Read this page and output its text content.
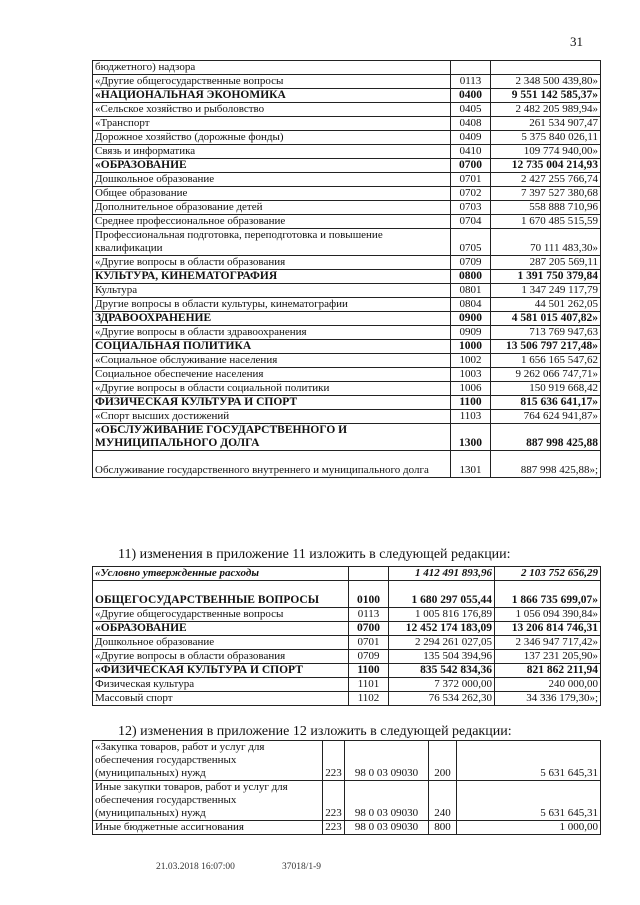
31
бюджетного) надзора		
«Другие общегосударственные вопросы	0113	2 348 500 439,80»
«НАЦИОНАЛЬНАЯ ЭКОНОМИКА	0400	9 551 142 585,37»
«Сельское хозяйство и рыболовство	0405	2 482 205 989,94»
«Транспорт	0408	261 534 907,47
Дорожное хозяйство (дорожные фонды)	0409	5 375 840 026,11
Связь и информатика	0410	109 774 940,00»
«ОБРАЗОВАНИЕ	0700	12 735 004 214,93
Дошкольное образование	0701	2 427 255 766,74
Общее образование	0702	7 397 527 380,68
Дополнительное образование детей	0703	558 888 710,96
Среднее профессиональное образование	0704	1 670 485 515,59
Профессиональная подготовка, переподготовка и повышение квалификации	0705	70 111 483,30»
«Другие вопросы в области образования	0709	287 205 569,11
КУЛЬТУРА, КИНЕМАТОГРАФИЯ	0800	1 391 750 379,84
Культура	0801	1 347 249 117,79
Другие вопросы в области культуры, кинематографии	0804	44 501 262,05
ЗДРАВООХРАНЕНИЕ	0900	4 581 015 407,82»
«Другие вопросы в области здравоохранения	0909	713 769 947,63
СОЦИАЛЬНАЯ ПОЛИТИКА	1000	13 506 797 217,48»
«Социальное обслуживание населения	1002	1 656 165 547,62
Социальное обеспечение населения	1003	9 262 066 747,71»
«Другие вопросы в области социальной политики	1006	150 919 668,42
ФИЗИЧЕСКАЯ КУЛЬТУРА И СПОРТ	1100	815 636 641,17»
«Спорт высших достижений	1103	764 624 941,87»
«ОБСЛУЖИВАНИЕ ГОСУДАРСТВЕННОГО И МУНИЦИПАЛЬНОГО ДОЛГА	1300	887 998 425,88
Обслуживание государственного внутреннего и муниципального долга	1301	887 998 425,88»;
11) изменения в приложение 11 изложить в следующей редакции:
«Условно утвержденные расходы		1 412 491 893,96	2 103 752 656,29
ОБЩЕГОСУДАРСТВЕННЫЕ ВОПРОСЫ	0100	1 680 297 055,44	1 866 735 699,07»
«Другие общегосударственные вопросы	0113	1 005 816 176,89	1 056 094 390,84»
«ОБРАЗОВАНИЕ	0700	12 452 174 183,09	13 206 814 746,31
Дошкольное образование	0701	2 294 261 027,05	2 346 947 717,42»
«Другие вопросы в области образования	0709	135 504 394,96	137 231 205,90»
«ФИЗИЧЕСКАЯ КУЛЬТУРА И СПОРТ	1100	835 542 834,36	821 862 211,94
Физическая культура	1101	7 372 000,00	240 000,00
Массовый спорт	1102	76 534 262,30	34 336 179,30»;
12) изменения в приложение 12 изложить в следующей редакции:
«Закупка товаров, работ и услуг для обеспечения государственных (муниципальных) нужд	223	98 0 03 09030	200	5 631 645,31
Иные закупки товаров, работ и услуг для обеспечения государственных (муниципальных) нужд	223	98 0 03 09030	240	5 631 645,31
Иные бюджетные ассигнования	223	98 0 03 09030	800	1 000,00
21.03.2018 16:07:00	37018/1-9
